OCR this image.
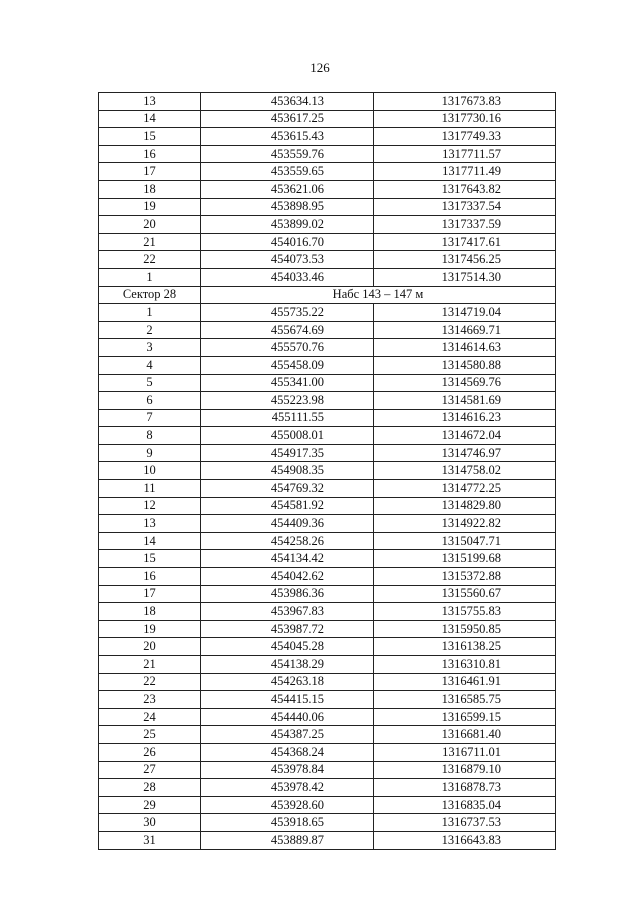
126
13	453634.13	1317673.83
14	453617.25	1317730.16
15	453615.43	1317749.33
16	453559.76	1317711.57
17	453559.65	1317711.49
18	453621.06	1317643.82
19	453898.95	1317337.54
20	453899.02	1317337.59
21	454016.70	1317417.61
22	454073.53	1317456.25
1	454033.46	1317514.30
Сектор 28	Набс 143 – 147 м	
1	455735.22	1314719.04
2	455674.69	1314669.71
3	455570.76	1314614.63
4	455458.09	1314580.88
5	455341.00	1314569.76
6	455223.98	1314581.69
7	455111.55	1314616.23
8	455008.01	1314672.04
9	454917.35	1314746.97
10	454908.35	1314758.02
11	454769.32	1314772.25
12	454581.92	1314829.80
13	454409.36	1314922.82
14	454258.26	1315047.71
15	454134.42	1315199.68
16	454042.62	1315372.88
17	453986.36	1315560.67
18	453967.83	1315755.83
19	453987.72	1315950.85
20	454045.28	1316138.25
21	454138.29	1316310.81
22	454263.18	1316461.91
23	454415.15	1316585.75
24	454440.06	1316599.15
25	454387.25	1316681.40
26	454368.24	1316711.01
27	453978.84	1316879.10
28	453978.42	1316878.73
29	453928.60	1316835.04
30	453918.65	1316737.53
31	453889.87	1316643.83
